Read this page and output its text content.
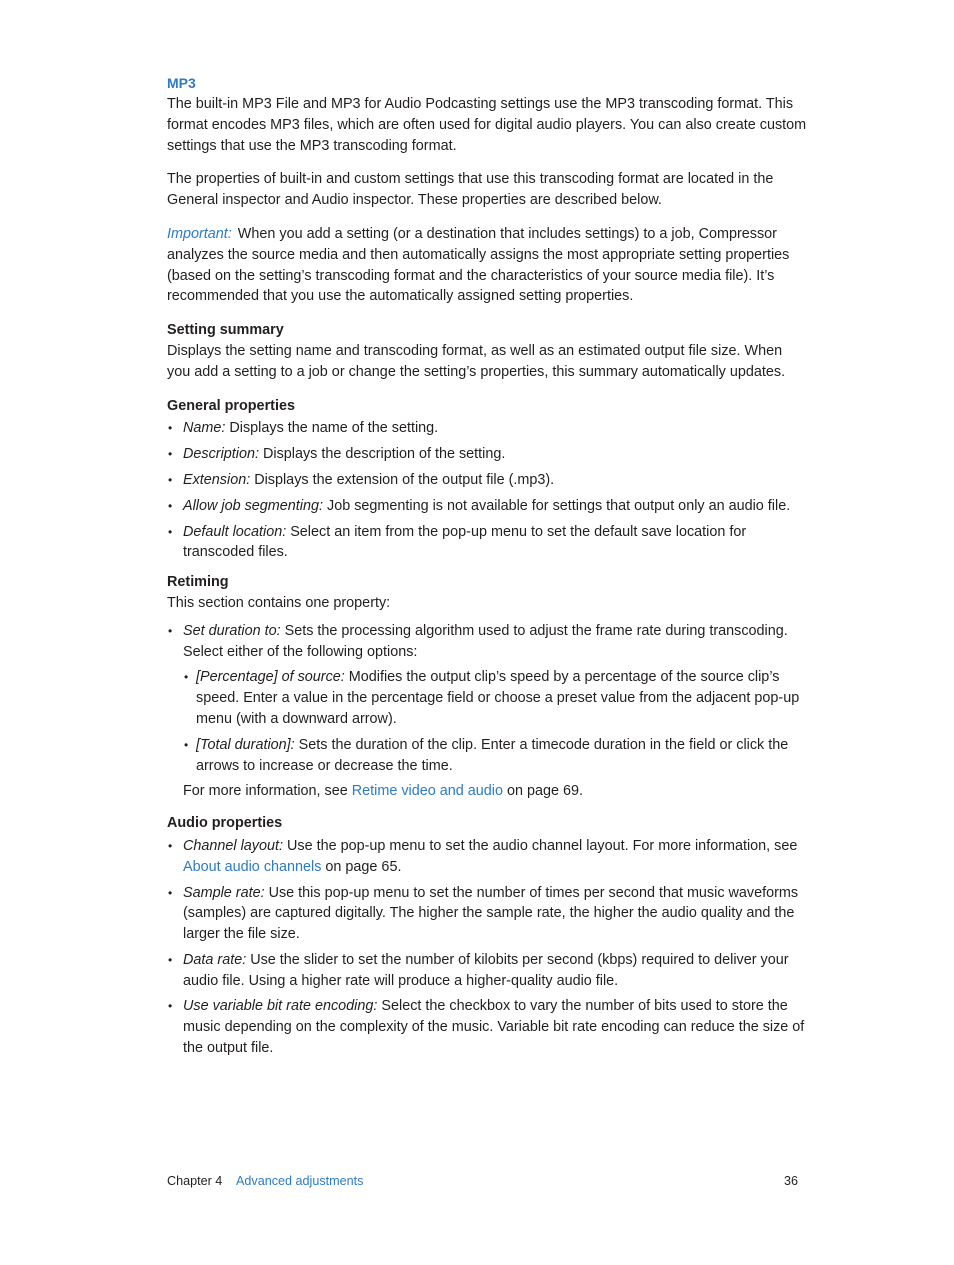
MP3

The built-in MP3 File and MP3 for Audio Podcasting settings use the MP3 transcoding format. This format encodes MP3 files, which are often used for digital audio players. You can also create custom settings that use the MP3 transcoding format.

The properties of built-in and custom settings that use this transcoding format are located in the General inspector and Audio inspector. These properties are described below.

Important: When you add a setting (or a destination that includes settings) to a job, Compressor analyzes the source media and then automatically assigns the most appropriate setting properties (based on the setting’s transcoding format and the characteristics of your source media file). It’s recommended that you use the automatically assigned setting properties.

Setting summary

Displays the setting name and transcoding format, as well as an estimated output file size. When you add a setting to a job or change the setting’s properties, this summary automatically updates.

General properties

• Name: Displays the name of the setting.
• Description: Displays the description of the setting.
• Extension: Displays the extension of the output file (.mp3).
• Allow job segmenting: Job segmenting is not available for settings that output only an audio file.
• Default location: Select an item from the pop-up menu to set the default save location for transcoded files.

Retiming

This section contains one property:

• Set duration to: Sets the processing algorithm used to adjust the frame rate during transcoding. Select either of the following options:
• [Percentage] of source: Modifies the output clip’s speed by a percentage of the source clip’s speed. Enter a value in the percentage field or choose a preset value from the adjacent pop-up menu (with a downward arrow).
• [Total duration]: Sets the duration of the clip. Enter a timecode duration in the field or click the arrows to increase or decrease the time.

For more information, see Retime video and audio on page 69.

Audio properties

• Channel layout: Use the pop-up menu to set the audio channel layout. For more information, see About audio channels on page 65.
• Sample rate: Use this pop-up menu to set the number of times per second that music waveforms (samples) are captured digitally. The higher the sample rate, the higher the audio quality and the larger the file size.
• Data rate: Use the slider to set the number of kilobits per second (kbps) required to deliver your audio file. Using a higher rate will produce a higher-quality audio file.
• Use variable bit rate encoding: Select the checkbox to vary the number of bits used to store the music depending on the complexity of the music. Variable bit rate encoding can reduce the size of the output file.
Chapter 4 Advanced adjustments	36
